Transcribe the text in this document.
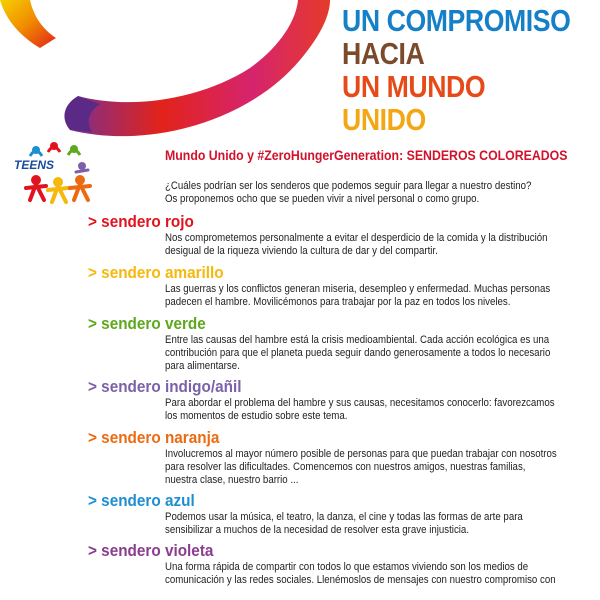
UN COMPROMISO
HACIA
UN MUNDO
UNIDO
TEENS
Mundo Unido y #ZeroHungerGeneration: SENDEROS COLOREADOS

¿Cuáles podrían ser los senderos que podemos seguir para llegar a nuestro destino?

Os proponemos ocho que se pueden vivir a nivel personal o como grupo.

> sendero rojo

Nos comprometemos personalmente a evitar el desperdicio de la comida y la distribución

desigual de la riqueza viviendo la cultura de dar y del compartir.

> sendero amarillo

Las guerras y los conflictos generan miseria, desempleo y enfermedad. Muchas personas

padecen el hambre. Movilicémonos para trabajar por la paz en todos los niveles.

> sendero verde

Entre las causas del hambre está la crisis medioambiental. Cada acción ecológica es una

contribución para que el planeta pueda seguir dando generosamente a todos lo necesario

para alimentarse.

> sendero indigo/añil

Para abordar el problema del hambre y sus causas, necesitamos conocerlo: favorezcamos

los momentos de estudio sobre este tema.

> sendero naranja

Involucremos al mayor número posible de personas para que puedan trabajar con nosotros

para resolver las dificultades. Comencemos con nuestros amigos, nuestras familias,

nuestra clase, nuestro barrio ...

> sendero azul

Podemos usar la música, el teatro, la danza, el cine y todas las formas de arte para

sensibilizar a muchos de la necesidad de resolver esta grave injusticia.

> sendero violeta

Una forma rápida de compartir con todos lo que estamos viviendo son los medios de

comunicación y las redes sociales. Llenémoslos de mensajes con nuestro compromiso con
